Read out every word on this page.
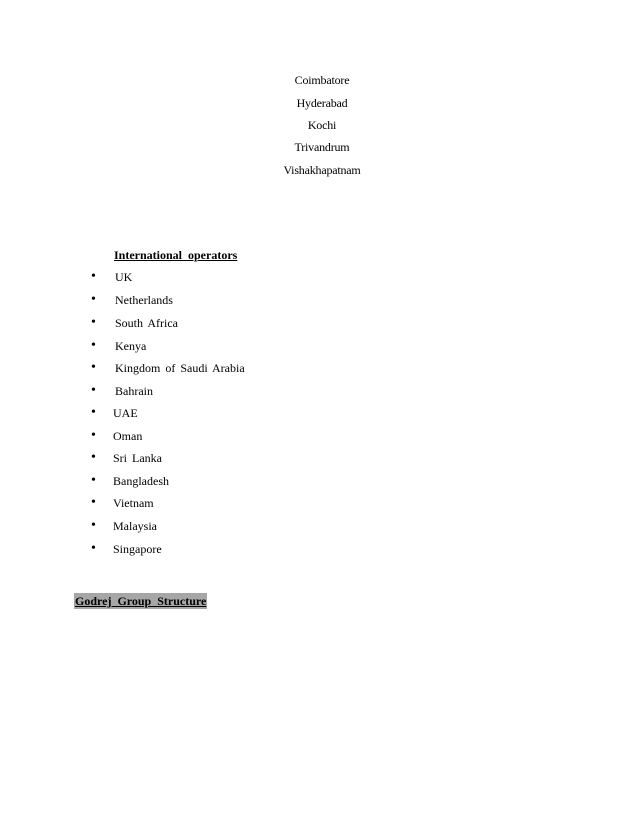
Coimbatore
Hyderabad
Kochi
Trivandrum
Vishakhapatnam
International operators
• UK
• Netherlands
• South Africa
• Kenya
• Kingdom of Saudi Arabia
• Bahrain
• UAE
• Oman
• Sri Lanka
• Bangladesh
• Vietnam
• Malaysia
• Singapore
Godrej Group Structure
